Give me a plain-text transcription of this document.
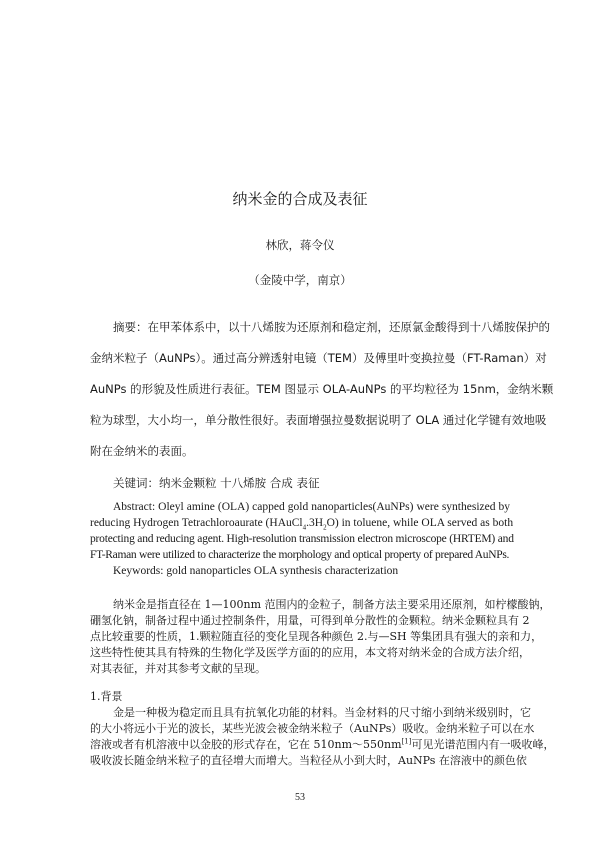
纳米金的合成及表征
林欣，蒋令仪
（金陵中学，南京）
摘要：在甲苯体系中，以十八烯胺为还原剂和稳定剂，还原氯金酸得到十八烯胺保护的
金纳米粒子（AuNPs）。通过高分辨透射电镜（TEM）及傅里叶变换拉曼（FT-Raman）对
AuNPs 的形貌及性质进行表征。TEM 图显示 OLA-AuNPs 的平均粒径为 15nm，金纳米颗
粒为球型，大小均一，单分散性很好。表面增强拉曼数据说明了 OLA 通过化学键有效地吸
附在金纳米的表面。
关键词：纳米金颗粒 十八烯胺 合成 表征
Abstract: Oleyl amine (OLA) capped gold nanoparticles(AuNPs) were synthesized by
reducing Hydrogen Tetrachloroaurate $(HAuCl_4.3H_2O)$ in toluene, while OLA served as both
protecting and reducing agent. High-resolution transmission electron microscope (HRTEM) and
FT-Raman were utilized to characterize the morphology and optical property of prepared AuNPs.
Keywords: gold nanoparticles OLA synthesis characterization
纳米金是指直径在 1—100nm 范围内的金粒子，制备方法主要采用还原剂，如柠檬酸钠，
硼氢化钠，制备过程中通过控制条件，用量，可得到单分散性的金颗粒。纳米金颗粒具有 2
点比较重要的性质，1.颗粒随直径的变化呈现各种颜色 2.与—SH 等集团具有强大的亲和力，
这些特性使其具有特殊的生物化学及医学方面的的应用，本文将对纳米金的合成方法介绍，
对其表征，并对其参考文献的呈现。
1.背景
金是一种极为稳定而且具有抗氧化功能的材料。当金材料的尺寸缩小到纳米级别时，它
的大小将远小于光的波长，某些光波会被金纳米粒子（AuNPs）吸收。金纳米粒子可以在水
溶液或者有机溶液中以金胶的形式存在，它在 510nm～550nm[1]可见光谱范围内有一吸收峰，
吸收波长随金纳米粒子的直径增大而增大。当粒径从小到大时，AuNPs 在溶液中的颜色依
53
